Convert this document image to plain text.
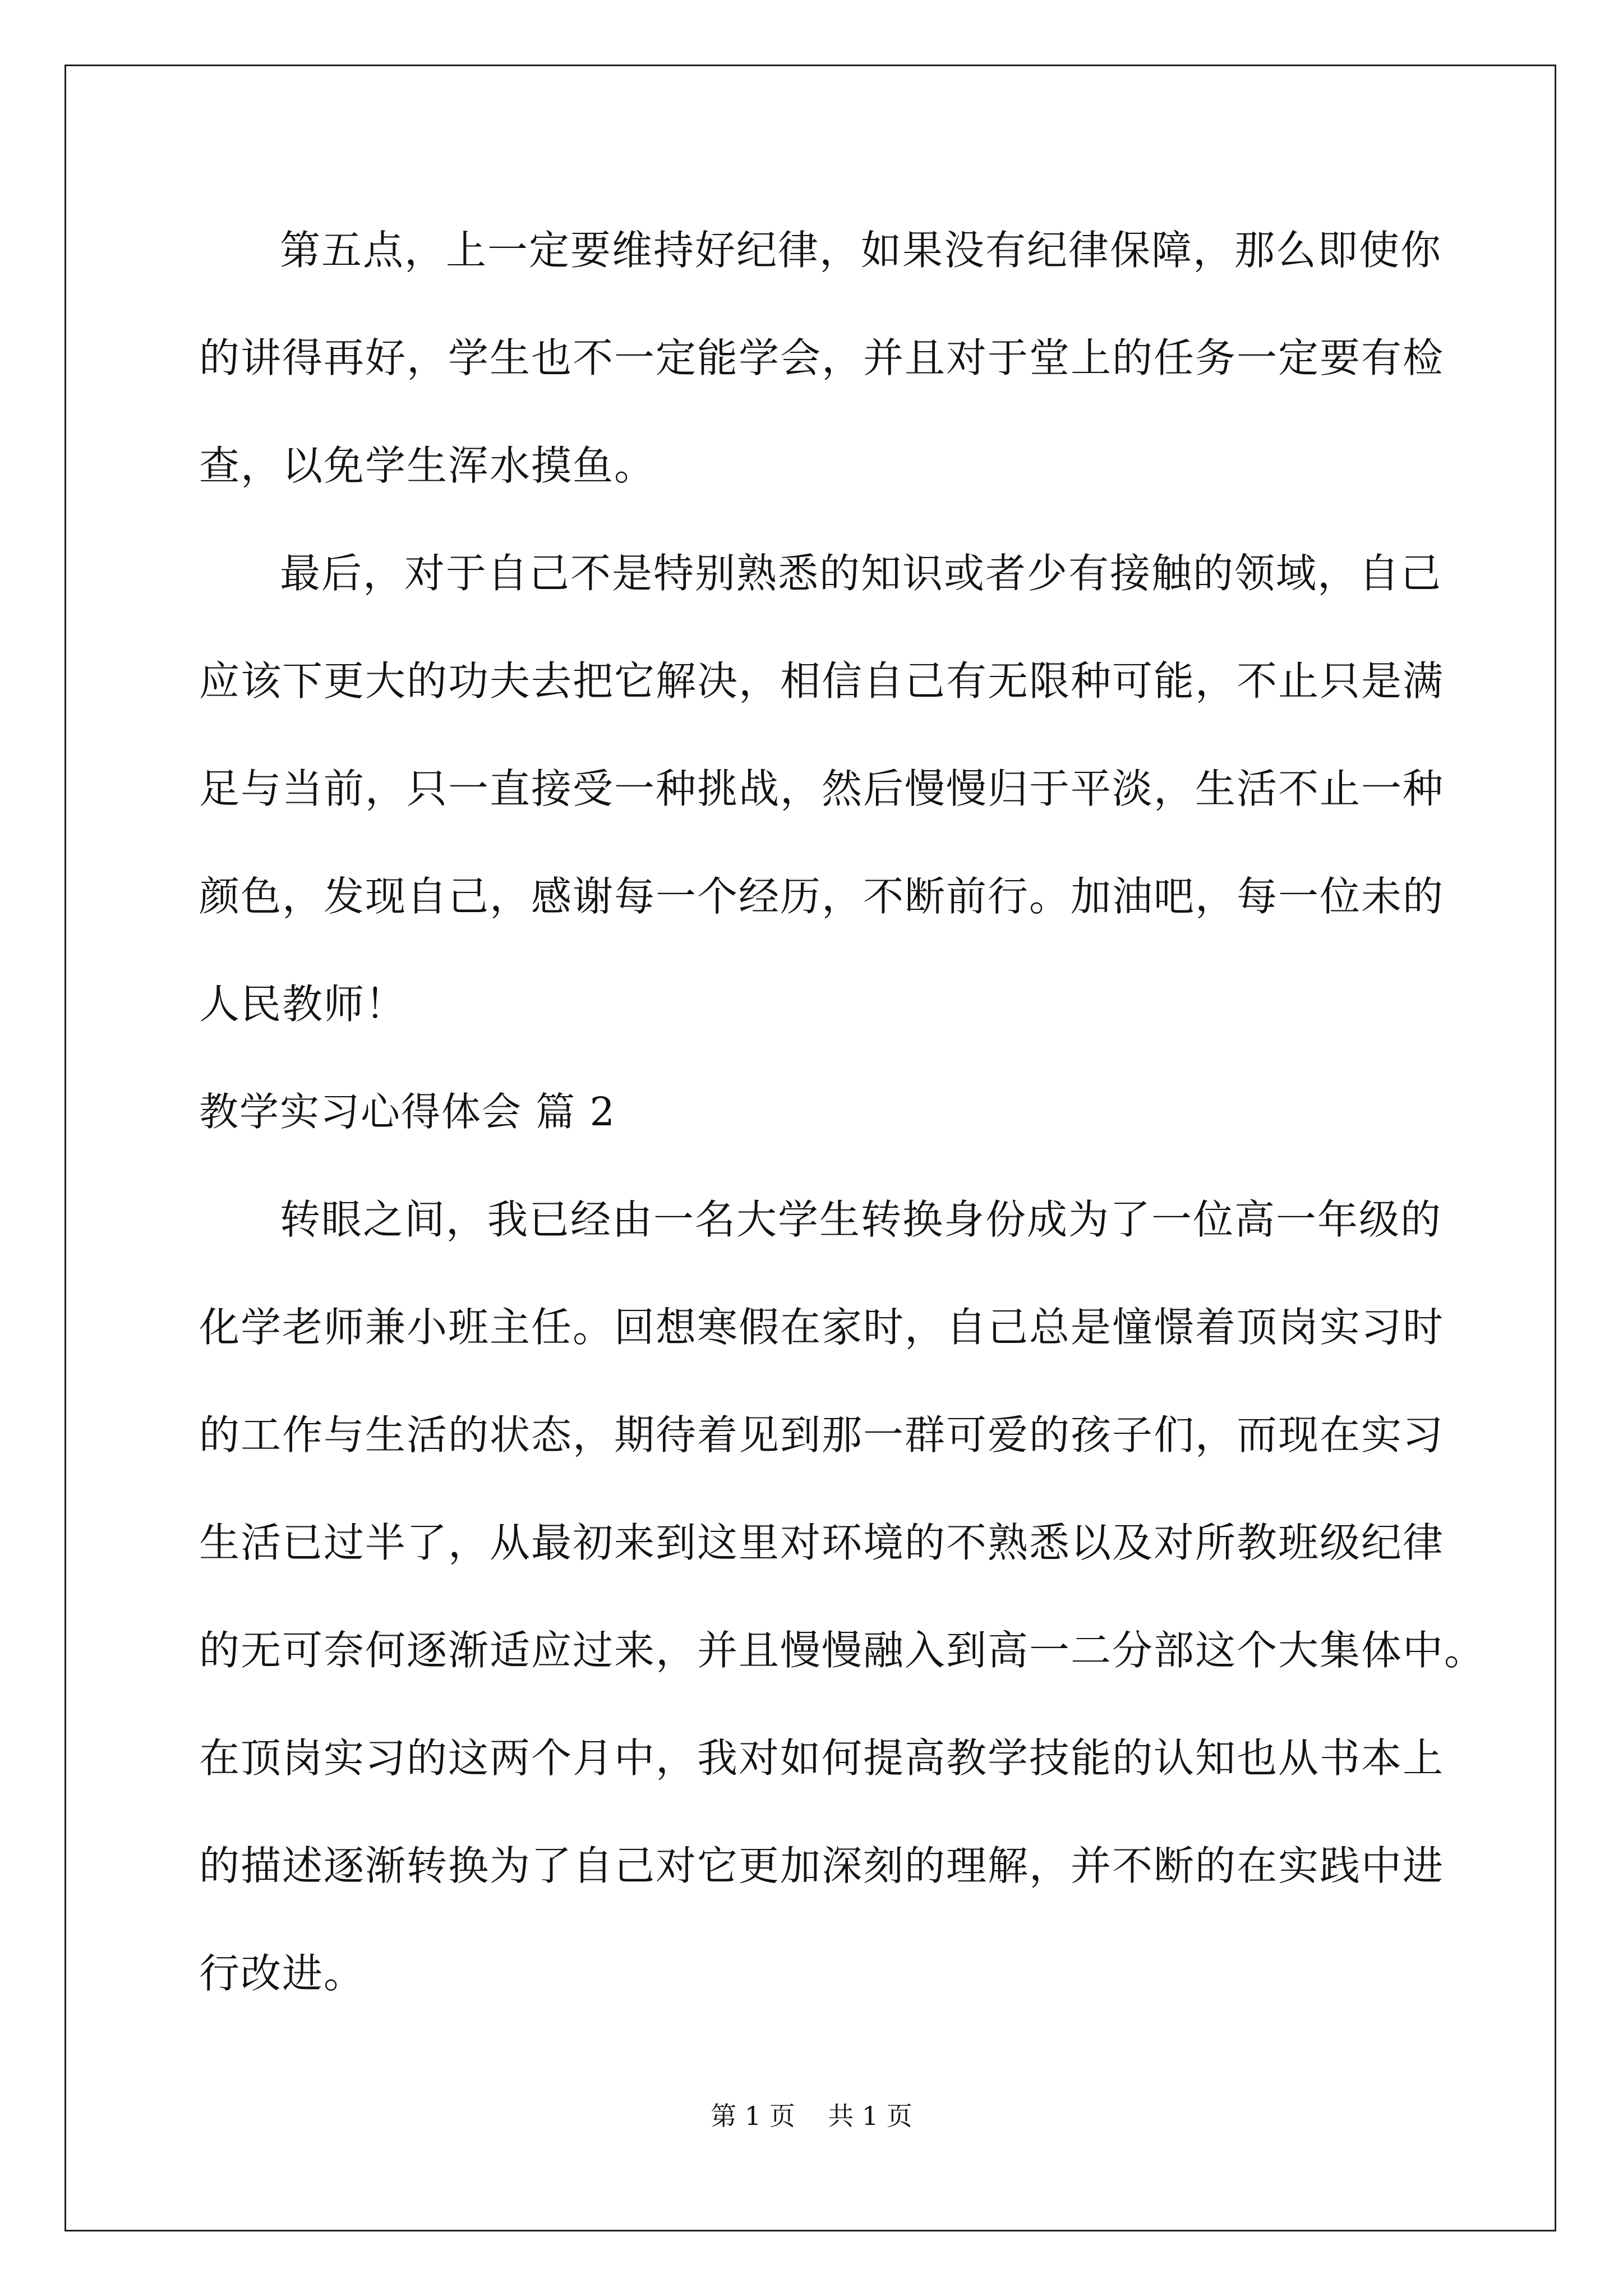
第五点，上一定要维持好纪律，如果没有纪律保障，那么即使你
的讲得再好，学生也不一定能学会，并且对于堂上的任务一定要有检
查，以免学生浑水摸鱼。
最后，对于自己不是特别熟悉的知识或者少有接触的领域，自己
应该下更大的功夫去把它解决，相信自己有无限种可能，不止只是满
足与当前，只一直接受一种挑战，然后慢慢归于平淡，生活不止一种
颜色，发现自己，感谢每一个经历，不断前行。加油吧，每一位未的
人民教师！
教学实习心得体会 篇 2
转眼之间，我已经由一名大学生转换身份成为了一位高一年级的
化学老师兼小班主任。回想寒假在家时，自己总是憧憬着顶岗实习时
的工作与生活的状态，期待着见到那一群可爱的孩子们，而现在实习
生活已过半了，从最初来到这里对环境的不熟悉以及对所教班级纪律
的无可奈何逐渐适应过来，并且慢慢融入到高一二分部这个大集体中。
在顶岗实习的这两个月中，我对如何提高教学技能的认知也从书本上
的描述逐渐转换为了自己对它更加深刻的理解，并不断的在实践中进
行改进。
第 1 页    共 1 页
